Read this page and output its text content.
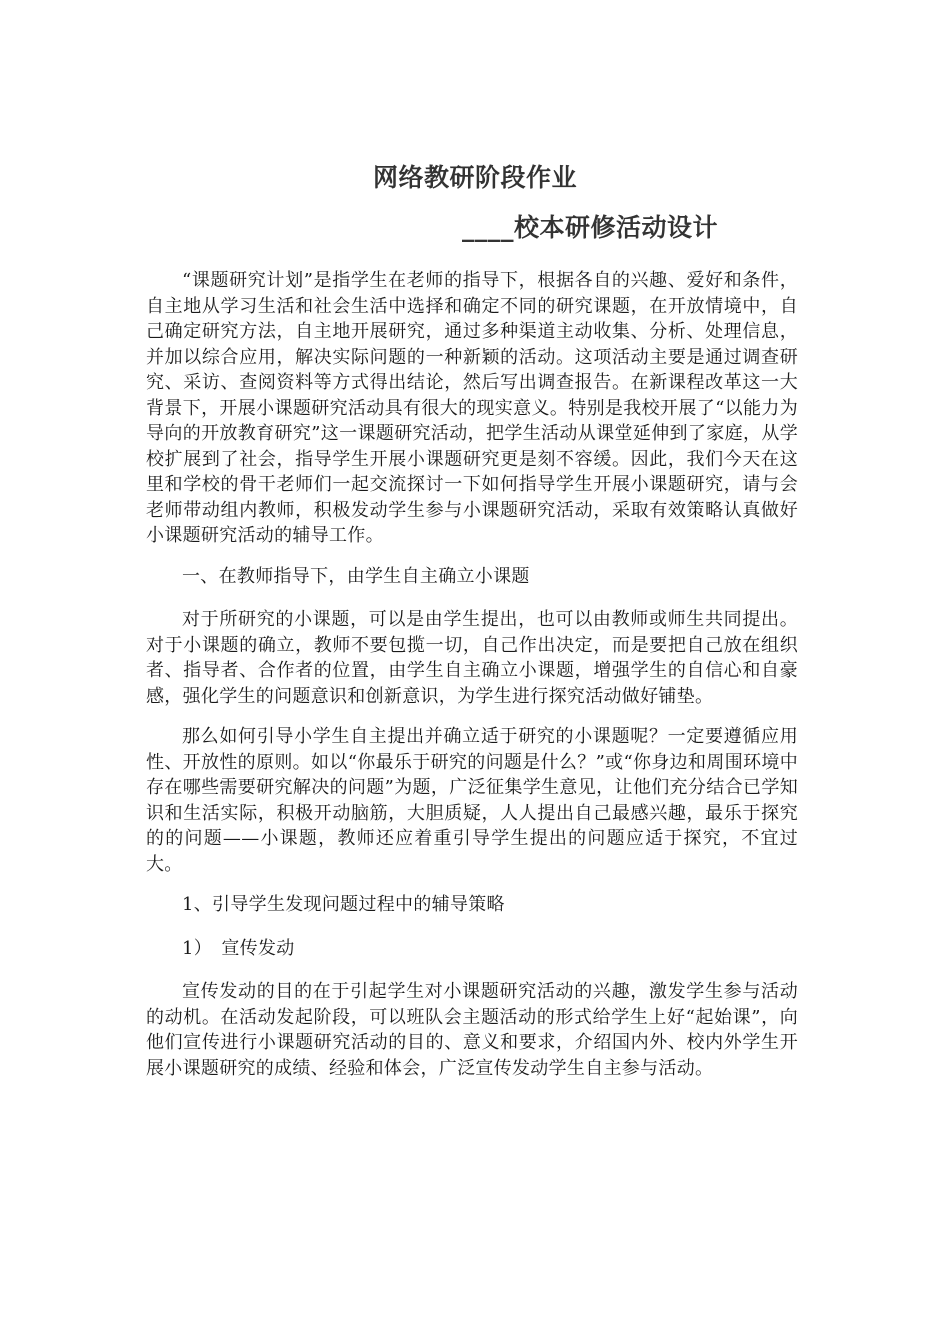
网络教研阶段作业
____校本研修活动设计

“课题研究计划”是指学生在老师的指导下，根据各自的兴趣、爱好和条件，自主地从学习生活和社会生活中选择和确定不同的研究课题，在开放情境中，自己确定研究方法，自主地开展研究，通过多种渠道主动收集、分析、处理信息，并加以综合应用，解决实际问题的一种新颖的活动。这项活动主要是通过调查研究、采访、查阅资料等方式得出结论，然后写出调查报告。在新课程改革这一大背景下，开展小课题研究活动具有很大的现实意义。特别是我校开展了“以能力为导向的开放教育研究”这一课题研究活动，把学生活动从课堂延伸到了家庭，从学校扩展到了社会，指导学生开展小课题研究更是刻不容缓。因此，我们今天在这里和学校的骨干老师们一起交流探讨一下如何指导学生开展小课题研究，请与会老师带动组内教师，积极发动学生参与小课题研究活动，采取有效策略认真做好小课题研究活动的辅导工作。

一、在教师指导下，由学生自主确立小课题

对于所研究的小课题，可以是由学生提出，也可以由教师或师生共同提出。对于小课题的确立，教师不要包揽一切，自己作出决定，而是要把自己放在组织者、指导者、合作者的位置，由学生自主确立小课题，增强学生的自信心和自豪感，强化学生的问题意识和创新意识，为学生进行探究活动做好铺垫。

那么如何引导小学生自主提出并确立适于研究的小课题呢？一定要遵循应用性、开放性的原则。如以“你最乐于研究的问题是什么？”或“你身边和周围环境中存在哪些需要研究解决的问题”为题，广泛征集学生意见，让他们充分结合已学知识和生活实际，积极开动脑筋，大胆质疑，人人提出自己最感兴趣，最乐于探究的的问题——小课题，教师还应着重引导学生提出的问题应适于探究，不宜过大。

1、引导学生发现问题过程中的辅导策略

1）　宣传发动

宣传发动的目的在于引起学生对小课题研究活动的兴趣，激发学生参与活动的动机。在活动发起阶段，可以班队会主题活动的形式给学生上好“起始课”，向他们宣传进行小课题研究活动的目的、意义和要求，介绍国内外、校内外学生开展小课题研究的成绩、经验和体会，广泛宣传发动学生自主参与活动。
